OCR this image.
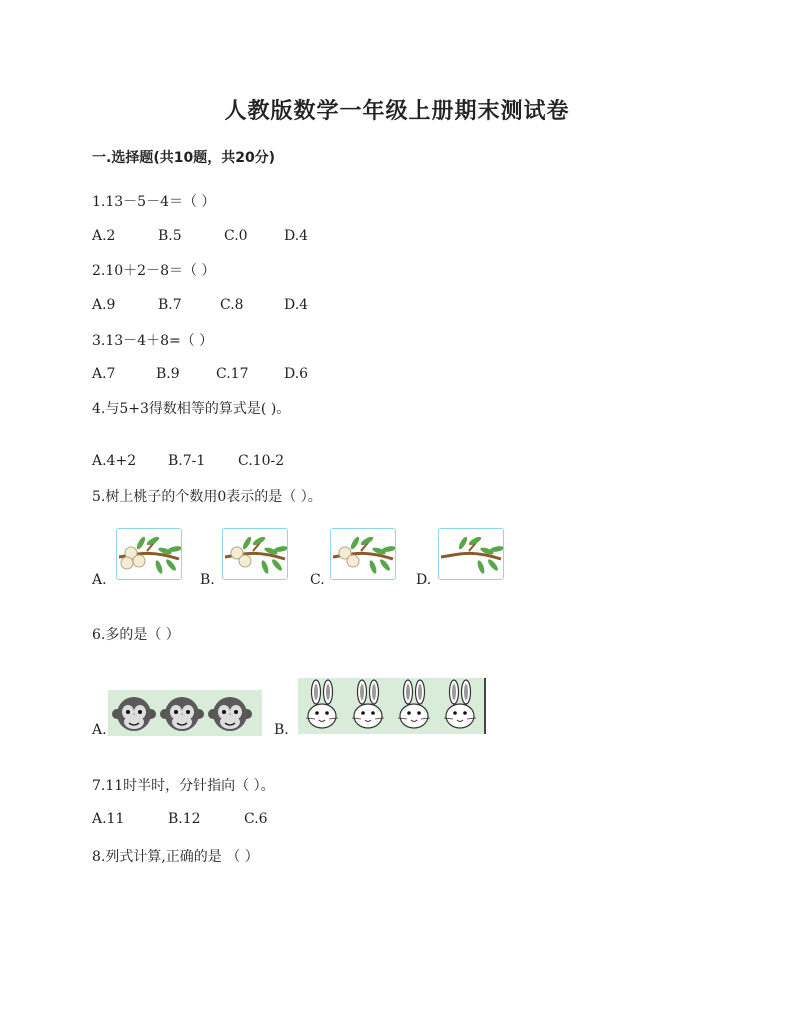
人教版数学一年级上册期末测试卷
一.选择题(共10题，共20分)
1.13－5－4＝（ ）
A.2	B.5	C.0	D.4
2.10＋2－8＝（ ）
A.9	B.7	C.8	D.4
3.13－4＋8=（ ）
A.7	B.9	C.17	D.6
4.与5+3得数相等的算式是( )。
A.4+2 B.7-1 C.10-2
5.树上桃子的个数用0表示的是（ ）。
A.	B.	C.	D.
6.多的是（ ）
A.	B.
7.11时半时，分针指向（ ）。
A.11	B.12	C.6
8.列式计算,正确的是 （ ）
